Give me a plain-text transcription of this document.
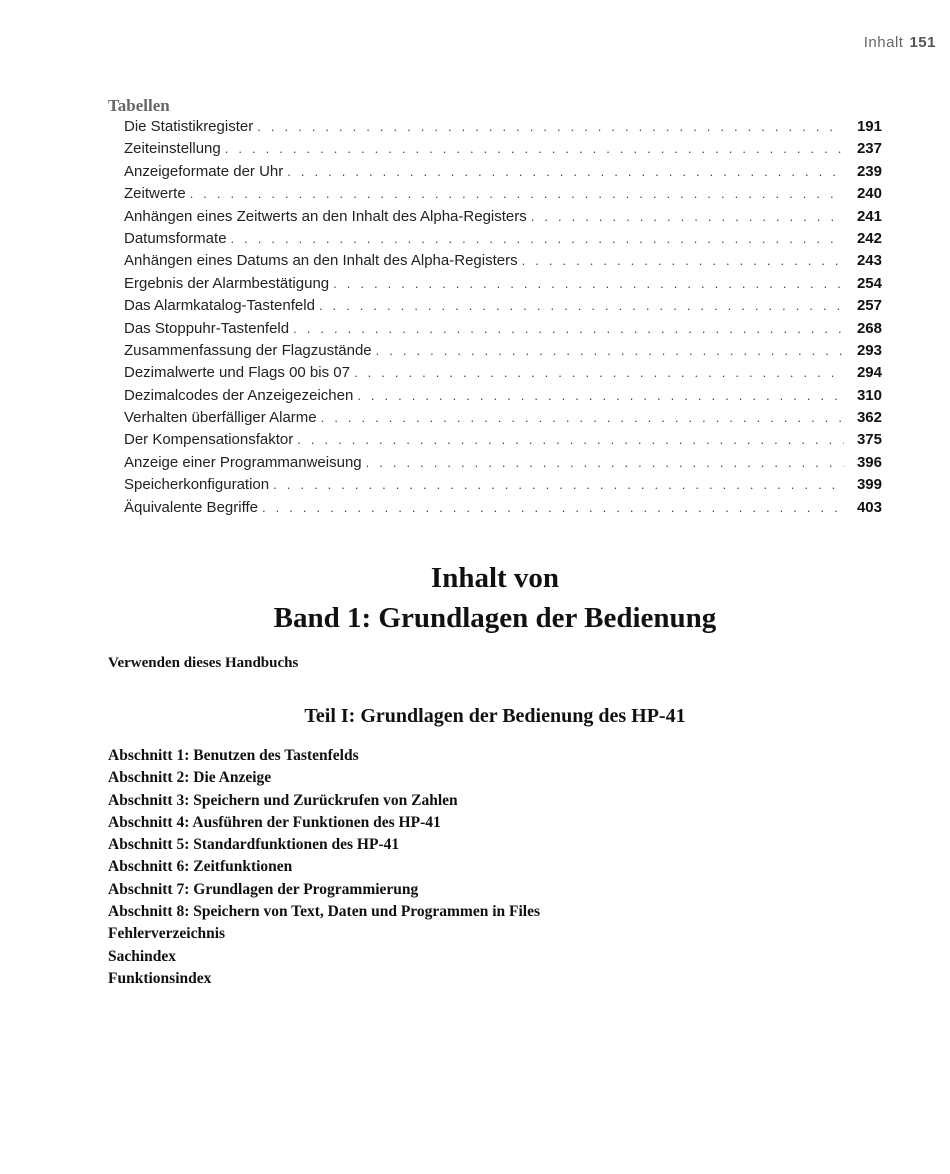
Inhalt 151
Tabellen
Die Statistikregister . . .	191
Zeiteinstellung . . .	237
Anzeigeformate der Uhr . . .	239
Zeitwerte . . .	240
Anhängen eines Zeitwerts an den Inhalt des Alpha-Registers . . .	241
Datumsformate . . .	242
Anhängen eines Datums an den Inhalt des Alpha-Registers . . .	243
Ergebnis der Alarmbestätigung . . .	254
Das Alarmkatalog-Tastenfeld . . .	257
Das Stoppuhr-Tastenfeld . . .	268
Zusammenfassung der Flagzustände . . .	293
Dezimalwerte und Flags 00 bis 07 . . .	294
Dezimalcodes der Anzeigezeichen . . .	310
Verhalten überfälliger Alarme . . .	362
Der Kompensationsfaktor . . .	375
Anzeige einer Programmanweisung . . .	396
Speicherkonfiguration . . .	399
Äquivalente Begriffe . . .	403
Inhalt von
Band 1: Grundlagen der Bedienung
Verwenden dieses Handbuchs
Teil I: Grundlagen der Bedienung des HP-41
Abschnitt 1: Benutzen des Tastenfelds
Abschnitt 2: Die Anzeige
Abschnitt 3: Speichern und Zurückrufen von Zahlen
Abschnitt 4: Ausführen der Funktionen des HP-41
Abschnitt 5: Standardfunktionen des HP-41
Abschnitt 6: Zeitfunktionen
Abschnitt 7: Grundlagen der Programmierung
Abschnitt 8: Speichern von Text, Daten und Programmen in Files
Fehlerverzeichnis
Sachindex
Funktionsindex
